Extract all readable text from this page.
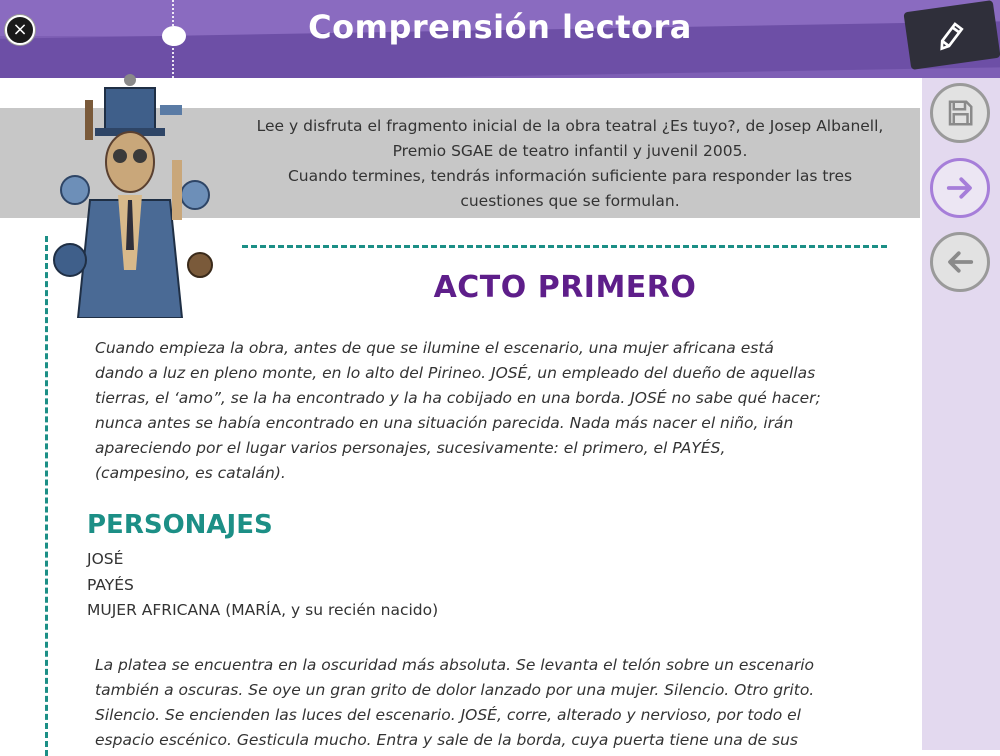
Comprensión lectora
×

Lee y disfruta el fragmento inicial de la obra teatral ¿Es tuyo?, de Josep Albanell,
Premio SGAE de teatro infantil y juvenil 2005.
Cuando termines, tendrás información suficiente para responder las tres
cuestiones que se formulan.

ACTO PRIMERO

Cuando empieza la obra, antes de que se ilumine el escenario, una mujer africana está dando a luz en pleno monte, en lo alto del Pirineo. JOSÉ, un empleado del dueño de aquellas tierras, el ‘amo”, se la ha encontrado y la ha cobijado en una borda. JOSÉ no sabe qué hacer; nunca antes se había encontrado en una situación parecida. Nada más nacer el niño, irán apareciendo por el lugar varios personajes, sucesivamente: el primero, el PAYÉS, (campesino, es catalán).

PERSONAJES
JOSÉ
PAYÉS
MUJER AFRICANA (MARÍA, y su recién nacido)

La platea se encuentra en la oscuridad más absoluta. Se levanta el telón sobre un escenario también a oscuras. Se oye un gran grito de dolor lanzado por una mujer. Silencio. Otro grito. Silencio. Se encienden las luces del escenario. JOSÉ, corre, alterado y nervioso, por todo el espacio escénico. Gesticula mucho. Entra y sale de la borda, cuya puerta tiene una de sus
